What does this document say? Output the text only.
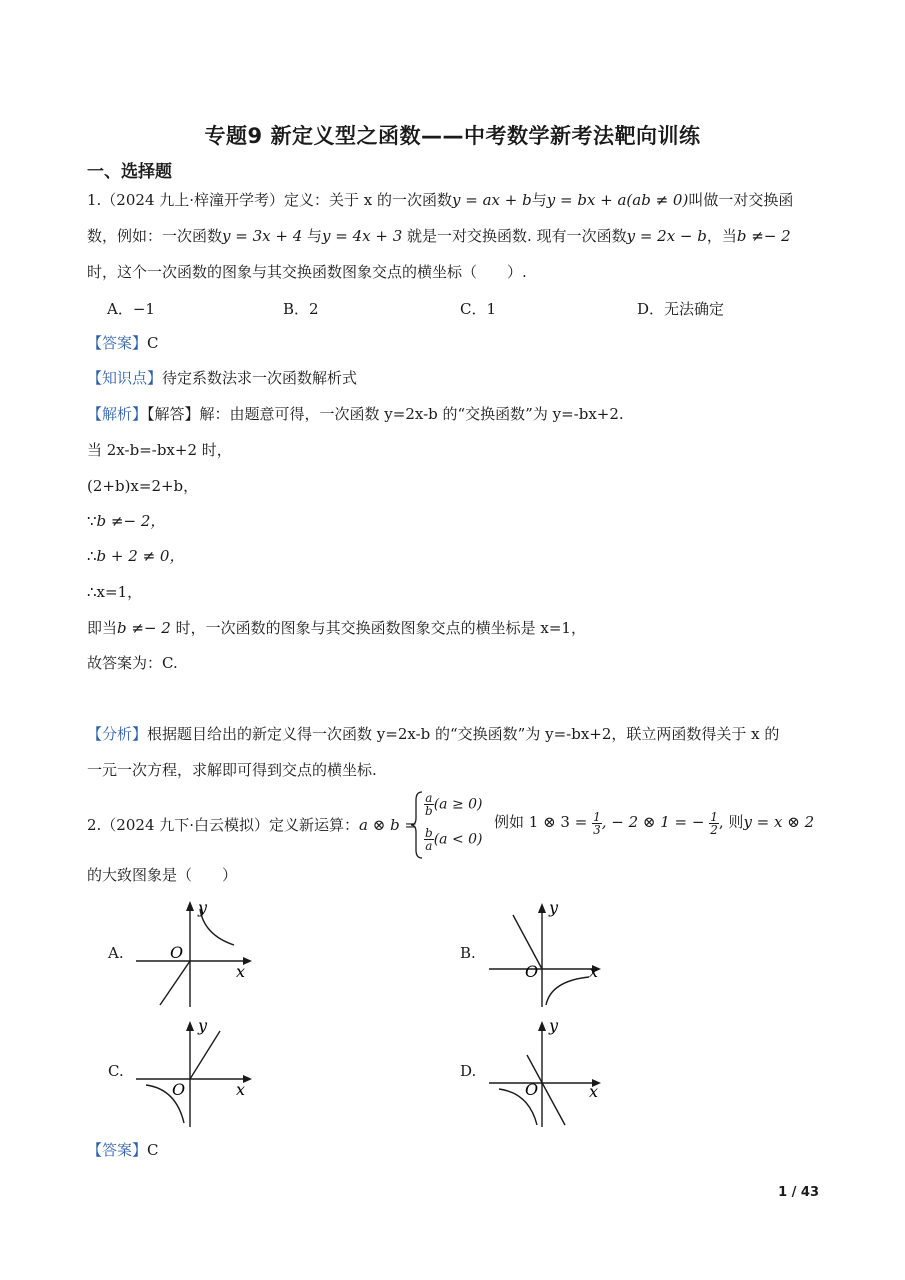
专题9 新定义型之函数——中考数学新考法靶向训练
一、选择题
1.（2024 九上·梓潼开学考）定义：关于 x 的一次函数y = ax + b与y = bx + a(ab ≠ 0)叫做一对交换函
数，例如：一次函数y = 3x + 4 与y = 4x + 3 就是一对交换函数. 现有一次函数y = 2x − b，当b ≠− 2
时，这个一次函数的图象与其交换函数图象交点的横坐标（　　）.
A．−1	B．2	C．1	D．无法确定
【答案】C
【知识点】待定系数法求一次函数解析式
【解析】【解答】解：由题意可得，一次函数 y=2x-b 的“交换函数”为 y=-bx+2.
当 2x-b=-bx+2 时，
(2+b)x=2+b，
∵b ≠− 2，
∴b + 2 ≠ 0，
∴x=1，
即当b ≠− 2 时，一次函数的图象与其交换函数图象交点的横坐标是 x=1，
故答案为：C.
【分析】根据题目给出的新定义得一次函数 y=2x-b 的“交换函数”为 y=-bx+2，联立两函数得关于 x 的
一元一次方程，求解即可得到交点的横坐标.
2.（2024 九下·白云模拟）定义新运算：a ⊗ b =
$\frac{a}{b} (a \ge 0)$
$\frac{b}{a} (a < 0)$
例如 1 ⊗ $3 = \frac{1}{3}$ , − 2 ⊗ 1 = − $\frac{1}{2}$ , 则y = x ⊗ 2
的大致图象是（　　）
A.	O
x
y
B.
O	x
y
C.
O	x
y
D.
O	x
y
【答案】C
1 / 43
